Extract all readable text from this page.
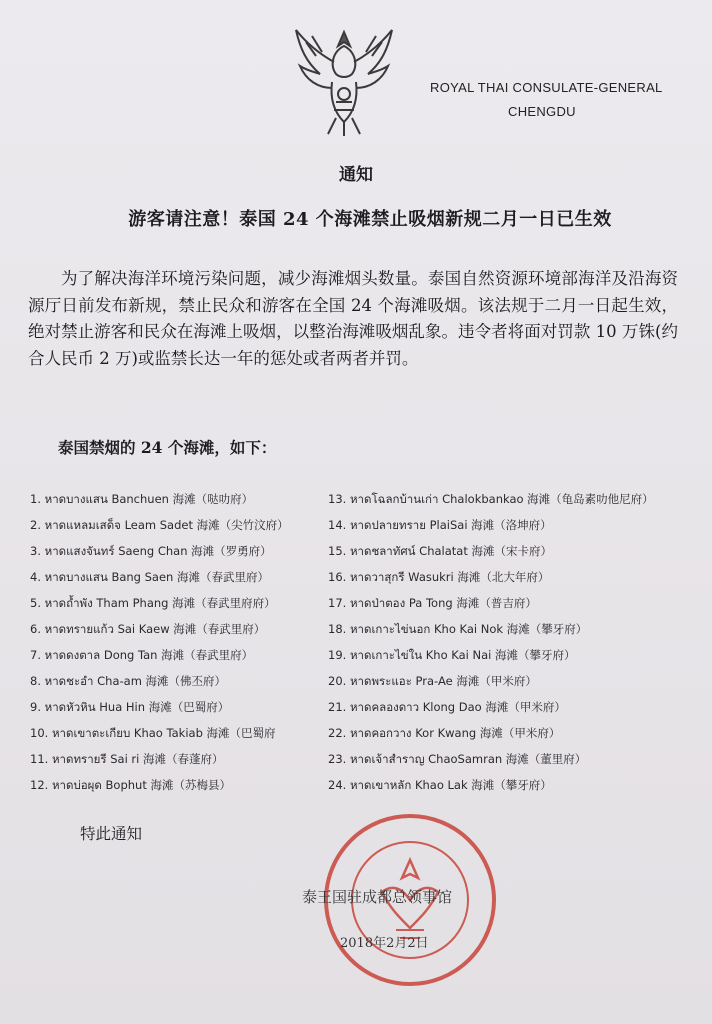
ROYAL THAI CONSULATE-GENERAL
CHENGDU
通知
游客请注意！泰国 24 个海滩禁止吸烟新规二月一日已生效
为了解决海洋环境污染问题，减少海滩烟头数量。泰国自然资源环境部海洋及沿海资源厅日前发布新规，禁止民众和游客在全国 24 个海滩吸烟。该法规于二月一日起生效，绝对禁止游客和民众在海滩上吸烟，以整治海滩吸烟乱象。违令者将面对罚款 10 万铢(约合人民币 2 万)或监禁长达一年的惩处或者两者并罚。
泰国禁烟的 24 个海滩，如下：
1. หาดบางแสน Banchuen 海滩（哒叻府）
2. หาดแหลมเสด็จ Leam Sadet 海滩（尖竹汶府）
3. หาดแสงจันทร์ Saeng Chan 海滩（罗勇府）
4. หาดบางแสน Bang Saen 海滩（春武里府）
5. หาดถ้ำพัง Tham Phang 海滩（春武里府府）
6. หาดทรายแก้ว Sai Kaew 海滩（春武里府）
7. หาดดงตาล Dong Tan 海滩（春武里府）
8. หาดชะอำ Cha-am 海滩（佛丕府）
9. หาดหัวหิน Hua Hin 海滩（巴蜀府）
10. หาดเขาตะเกียบ Khao Takiab 海滩（巴蜀府
11. หาดทรายรี Sai ri 海滩（春蓬府）
12. หาดบ่อผุด Bophut 海滩（苏梅县）
13. หาดโฉลกบ้านเก่า Chalokbankao 海滩（龟岛素叻他尼府）
14. หาดปลายทราย PlaiSai 海滩（洛坤府）
15. หาดชลาทัศน์ Chalatat 海滩（宋卡府）
16. หาดวาสุกรี Wasukri 海滩（北大年府）
17. หาดป่าตอง Pa Tong 海滩（普吉府）
18. หาดเกาะไข่นอก Kho Kai Nok 海滩（攀牙府）
19. หาดเกาะไข่ใน Kho Kai Nai 海滩（攀牙府）
20. หาดพระแอะ Pra-Ae 海滩（甲米府）
21. หาดคลองดาว Klong Dao 海滩（甲米府）
22. หาดคอกวาง Kor Kwang 海滩（甲米府）
23. หาดเจ้าสำราญ ChaoSamran 海滩（董里府）
24. หาดเขาหลัก Khao Lak 海滩（攀牙府）
特此通知
泰王国驻成都总领事馆
2018年2月2日
